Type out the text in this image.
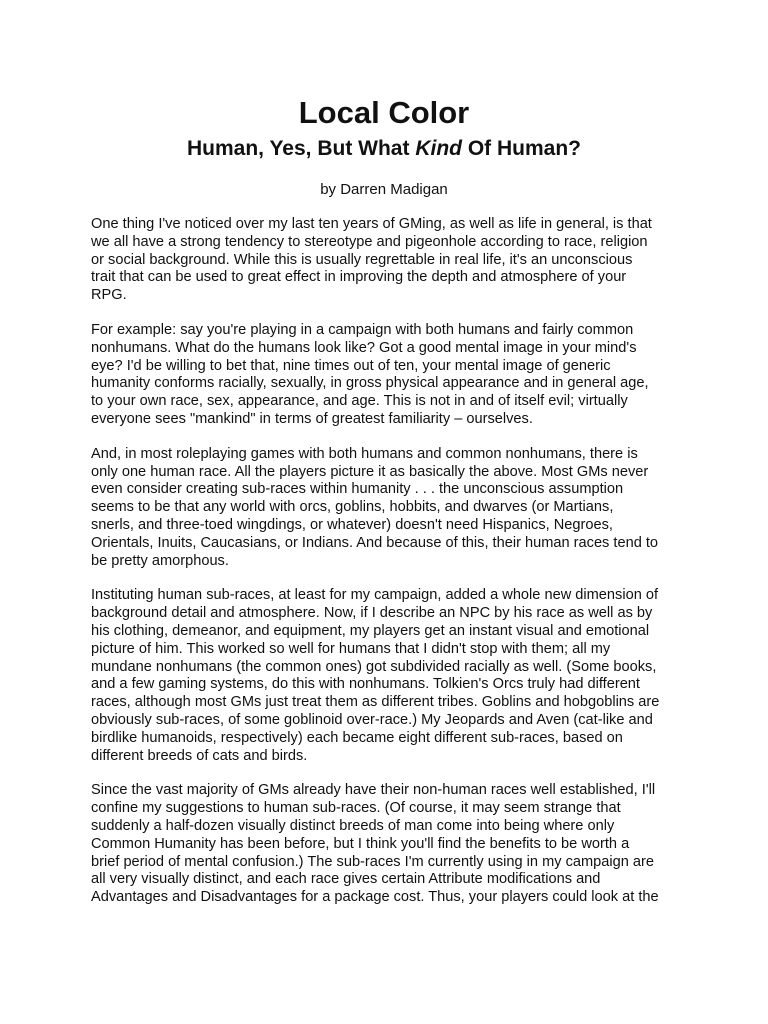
Local Color
Human, Yes, But What Kind Of Human?

by Darren Madigan

One thing I've noticed over my last ten years of GMing, as well as life in general, is that
we all have a strong tendency to stereotype and pigeonhole according to race, religion
or social background. While this is usually regrettable in real life, it's an unconscious
trait that can be used to great effect in improving the depth and atmosphere of your
RPG.

For example: say you're playing in a campaign with both humans and fairly common
nonhumans. What do the humans look like? Got a good mental image in your mind's
eye? I'd be willing to bet that, nine times out of ten, your mental image of generic
humanity conforms racially, sexually, in gross physical appearance and in general age,
to your own race, sex, appearance, and age. This is not in and of itself evil; virtually
everyone sees "mankind" in terms of greatest familiarity – ourselves.

And, in most roleplaying games with both humans and common nonhumans, there is
only one human race. All the players picture it as basically the above. Most GMs never
even consider creating sub-races within humanity . . . the unconscious assumption
seems to be that any world with orcs, goblins, hobbits, and dwarves (or Martians,
snerls, and three-toed wingdings, or whatever) doesn't need Hispanics, Negroes,
Orientals, Inuits, Caucasians, or Indians. And because of this, their human races tend to
be pretty amorphous.

Instituting human sub-races, at least for my campaign, added a whole new dimension of
background detail and atmosphere. Now, if I describe an NPC by his race as well as by
his clothing, demeanor, and equipment, my players get an instant visual and emotional
picture of him. This worked so well for humans that I didn't stop with them; all my
mundane nonhumans (the common ones) got subdivided racially as well. (Some books,
and a few gaming systems, do this with nonhumans. Tolkien's Orcs truly had different
races, although most GMs just treat them as different tribes. Goblins and hobgoblins are
obviously sub-races, of some goblinoid over-race.) My Jeopards and Aven (cat-like and
birdlike humanoids, respectively) each became eight different sub-races, based on
different breeds of cats and birds.

Since the vast majority of GMs already have their non-human races well established, I'll
confine my suggestions to human sub-races. (Of course, it may seem strange that
suddenly a half-dozen visually distinct breeds of man come into being where only
Common Humanity has been before, but I think you'll find the benefits to be worth a
brief period of mental confusion.) The sub-races I'm currently using in my campaign are
all very visually distinct, and each race gives certain Attribute modifications and
Advantages and Disadvantages for a package cost. Thus, your players could look at the
